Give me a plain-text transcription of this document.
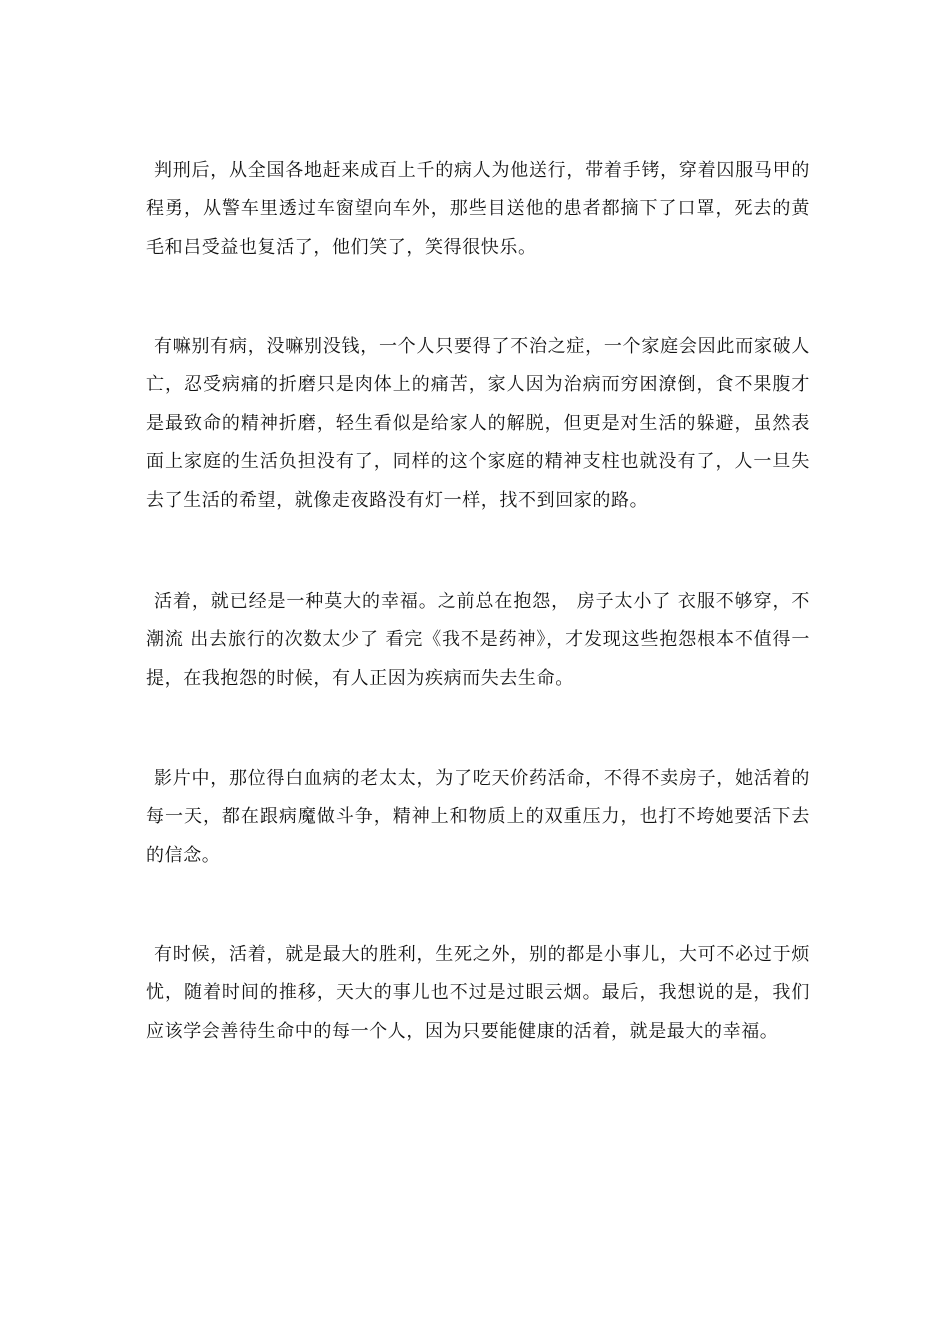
判刑后，从全国各地赶来成百上千的病人为他送行，带着手铐，穿着囚服马甲的程勇，从警车里透过车窗望向车外，那些目送他的患者都摘下了口罩，死去的黄毛和吕受益也复活了，他们笑了，笑得很快乐。

有嘛别有病，没嘛别没钱，一个人只要得了不治之症，一个家庭会因此而家破人亡，忍受病痛的折磨只是肉体上的痛苦，家人因为治病而穷困潦倒，食不果腹才是最致命的精神折磨，轻生看似是给家人的解脱，但更是对生活的躲避，虽然表面上家庭的生活负担没有了，同样的这个家庭的精神支柱也就没有了，人一旦失去了生活的希望，就像走夜路没有灯一样，找不到回家的路。

活着，就已经是一种莫大的幸福。之前总在抱怨， 房子太小了 衣服不够穿，不潮流 出去旅行的次数太少了 看完《我不是药神》，才发现这些抱怨根本不值得一提，在我抱怨的时候，有人正因为疾病而失去生命。

影片中，那位得白血病的老太太，为了吃天价药活命，不得不卖房子，她活着的每一天，都在跟病魔做斗争，精神上和物质上的双重压力，也打不垮她要活下去的信念。

有时候，活着，就是最大的胜利，生死之外，别的都是小事儿，大可不必过于烦忧，随着时间的推移，天大的事儿也不过是过眼云烟。最后，我想说的是，我们应该学会善待生命中的每一个人，因为只要能健康的活着，就是最大的幸福。
